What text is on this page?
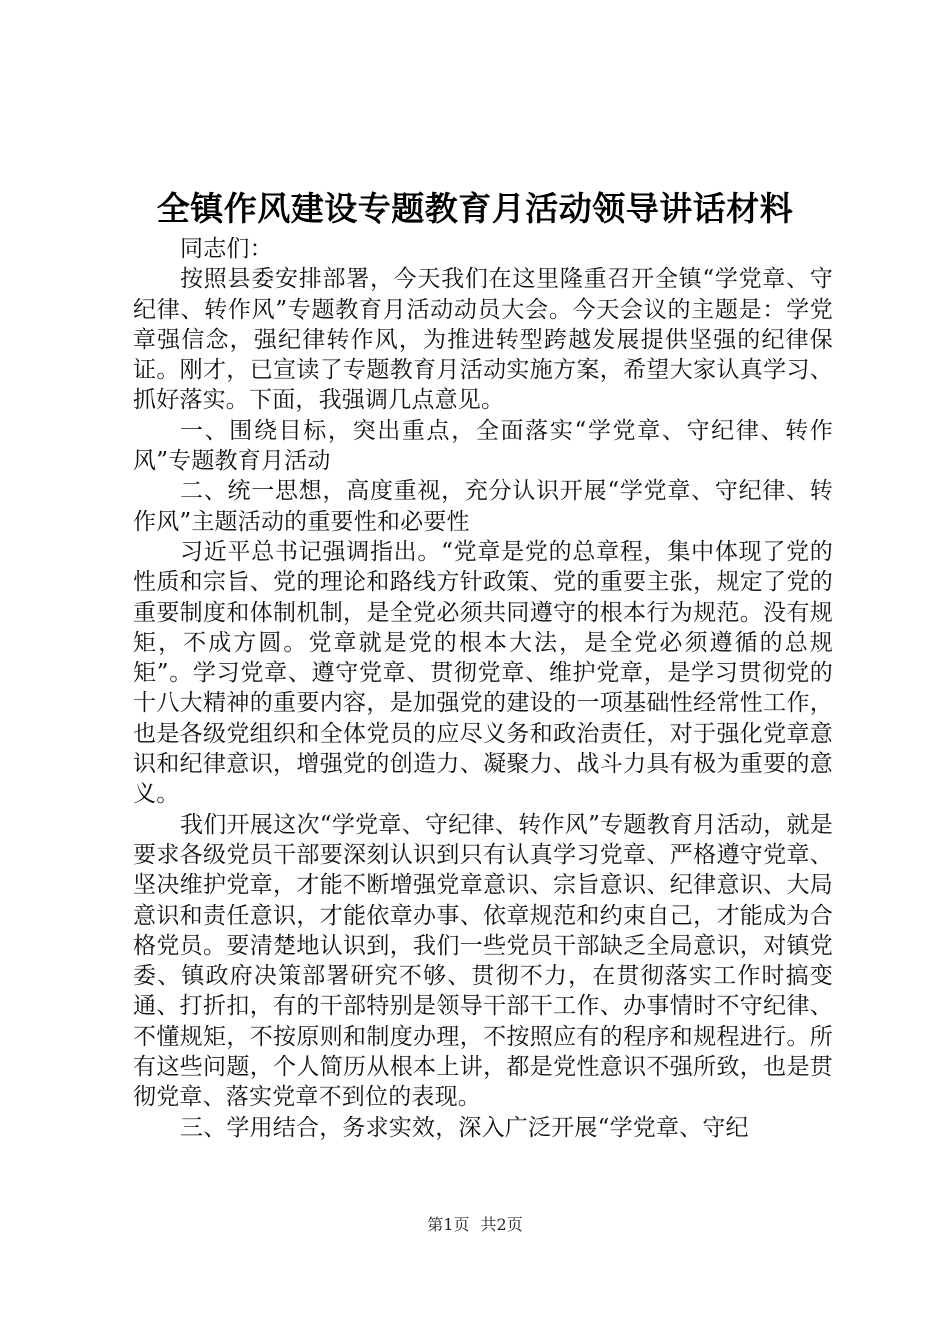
全镇作风建设专题教育月活动领导讲话材料

同志们：

按照县委安排部署，今天我们在这里隆重召开全镇“学党章、守纪律、转作风”专题教育月活动动员大会。今天会议的主题是：学党章强信念，强纪律转作风，为推进转型跨越发展提供坚强的纪律保证。刚才，已宣读了专题教育月活动实施方案，希望大家认真学习、抓好落实。下面，我强调几点意见。

一、围绕目标，突出重点，全面落实“学党章、守纪律、转作风”专题教育月活动

二、统一思想，高度重视，充分认识开展“学党章、守纪律、转作风”主题活动的重要性和必要性

习近平总书记强调指出。“党章是党的总章程，集中体现了党的性质和宗旨、党的理论和路线方针政策、党的重要主张，规定了党的重要制度和体制机制，是全党必须共同遵守的根本行为规范。没有规矩，不成方圆。党章就是党的根本大法，是全党必须遵循的总规矩”。学习党章、遵守党章、贯彻党章、维护党章，是学习贯彻党的十八大精神的重要内容，是加强党的建设的一项基础性经常性工作，也是各级党组织和全体党员的应尽义务和政治责任，对于强化党章意识和纪律意识，增强党的创造力、凝聚力、战斗力具有极为重要的意义。

我们开展这次“学党章、守纪律、转作风”专题教育月活动，就是要求各级党员干部要深刻认识到只有认真学习党章、严格遵守党章、坚决维护党章，才能不断增强党章意识、宗旨意识、纪律意识、大局意识和责任意识，才能依章办事、依章规范和约束自己，才能成为合格党员。要清楚地认识到，我们一些党员干部缺乏全局意识，对镇党委、镇政府决策部署研究不够、贯彻不力，在贯彻落实工作时搞变通、打折扣，有的干部特别是领导干部干工作、办事情时不守纪律、不懂规矩，不按原则和制度办理，不按照应有的程序和规程进行。所有这些问题，个人简历从根本上讲，都是党性意识不强所致，也是贯彻党章、落实党章不到位的表现。

三、学用结合，务求实效，深入广泛开展“学党章、守纪

第1页 共2页
